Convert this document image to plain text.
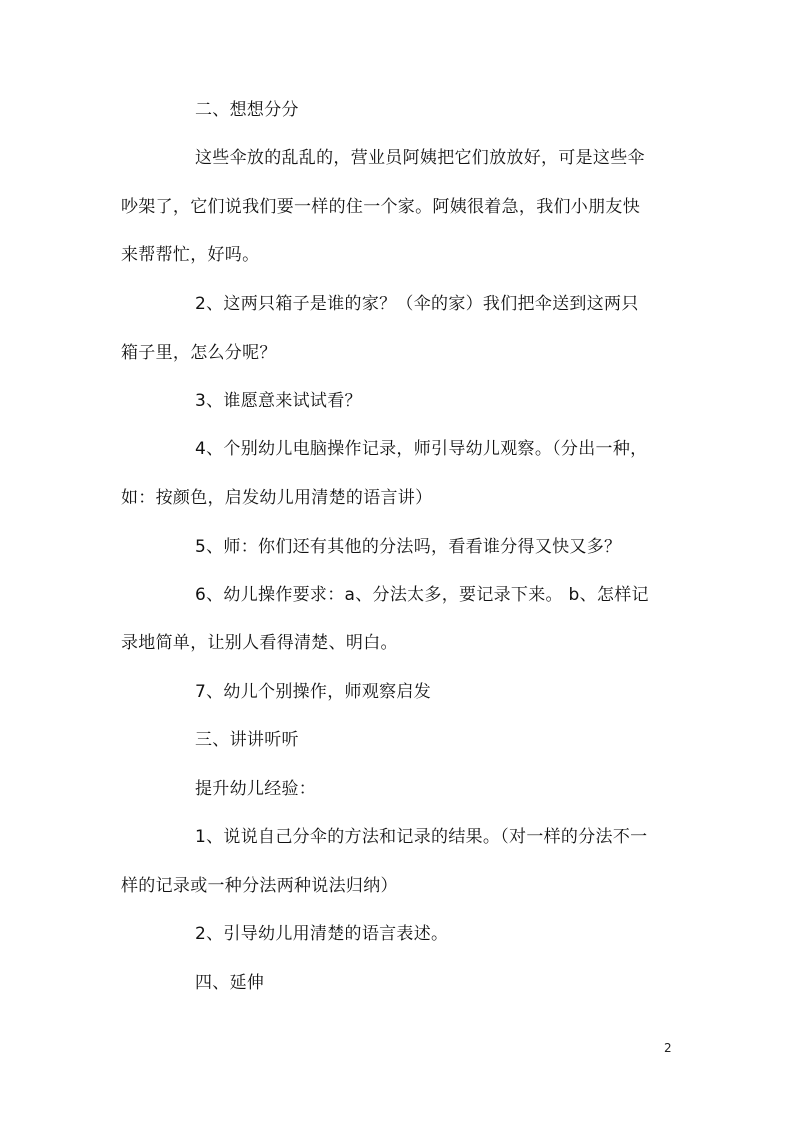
二、想想分分
这些伞放的乱乱的，营业员阿姨把它们放放好，可是这些伞
吵架了，它们说我们要一样的住一个家。阿姨很着急，我们小朋友快
来帮帮忙，好吗。
2、这两只箱子是谁的家？（伞的家）我们把伞送到这两只
箱子里，怎么分呢？
3、谁愿意来试试看？
4、个别幼儿电脑操作记录，师引导幼儿观察。（分出一种，
如：按颜色，启发幼儿用清楚的语言讲）
5、师：你们还有其他的分法吗，看看谁分得又快又多？
6、幼儿操作要求：a、分法太多，要记录下来。 b、怎样记
录地简单，让别人看得清楚、明白。
7、幼儿个别操作，师观察启发
三、讲讲听听
提升幼儿经验：
1、说说自己分伞的方法和记录的结果。（对一样的分法不一
样的记录或一种分法两种说法归纳）
2、引导幼儿用清楚的语言表述。
四、延伸
2
